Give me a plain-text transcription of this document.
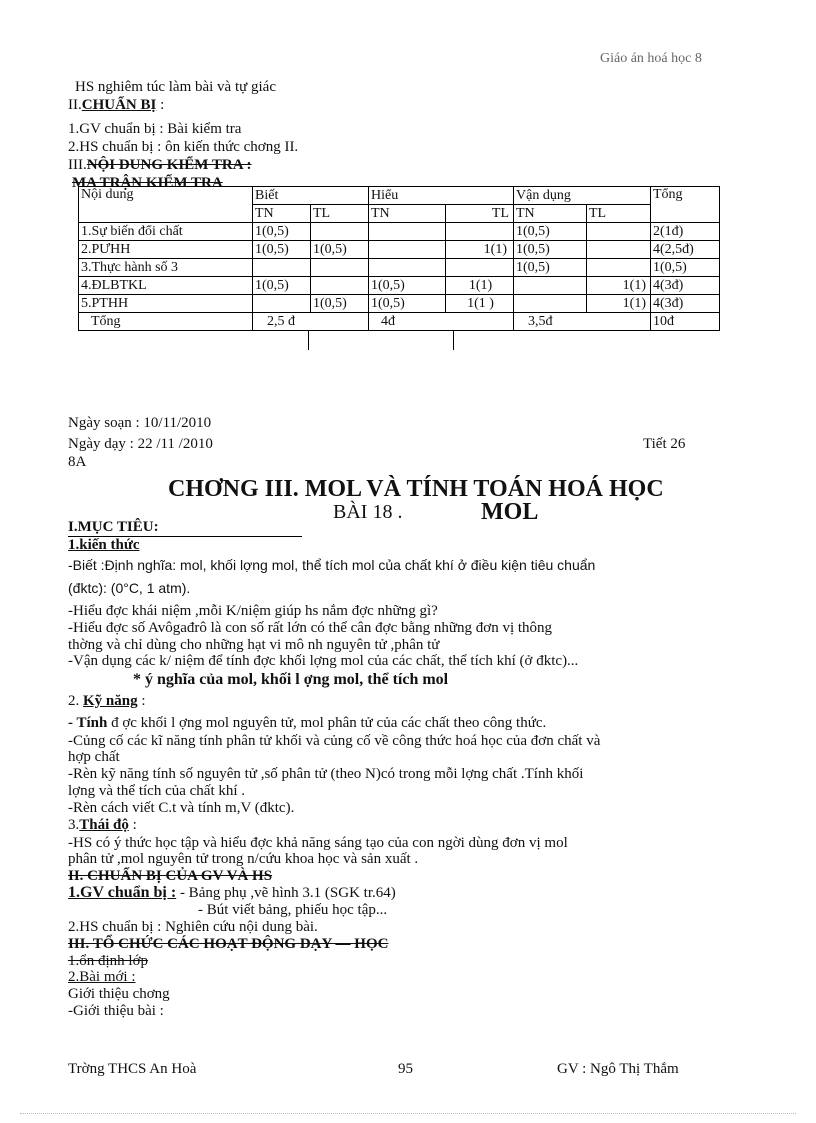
Giáo án hoá học 8
HS nghiêm túc làm bài và tự giác
II.CHUẨN BỊ :
1.GV chuẩn bị : Bài kiểm tra
2.HS chuẩn bị : ôn kiến thức chơng II.
III.NỘI DUNG KIỂM TRA :
MA TRẬN KIỂM TRA
Nội dung	Biết		Hiểu		Vận dụng		Tổng
	TN	TL	TN	TL	TN	TL	
1.Sự biến đổi chất	1(0,5)				1(0,5)		2(1đ)
2.PƯHH	1(0,5)	1(0,5)		1(1)	1(0,5)		4(2,5đ)
3.Thực hành số 3					1(0,5)		1(0,5)
4.ĐLBTKL	1(0,5)		1(0,5)	1(1)		1(1)	4(3đ)
5.PTHH		1(0,5)	1(0,5)	1(1 )		1(1)	4(3đ)
Tổng	2,5 đ		4đ		3,5đ		10đ
Ngày soạn : 10/11/2010
Ngày dạy : 22 /11 /2010	Tiết 26
8A
CHƠNG III. MOL VÀ TÍNH TOÁN HOÁ HỌC
BÀI 18 .	MOL
I.MỤC TIÊU:
1.kiến thức
-Biết :Định nghĩa: mol, khối lợng mol, thể tích mol của chất khí ở điều kiện tiêu chuẩn
(đktc): (0°C, 1 atm).
-Hiểu đợc khái niệm ,mỗi K/niệm giúp hs nắm đợc những gì?
-Hiểu đợc số Avôgađrô là con số rất lớn có thể cân đợc bằng những đơn vị thông
thờng và chỉ dùng cho những hạt vi mô nh nguyên tử ,phân tử
-Vận dụng các k/ niệm để tính đợc khối lợng mol của các chất, thể tích khí (ở đktc)...
* ý nghĩa của mol, khối l ợng mol, thể tích mol
2. Kỹ năng :
- Tính đ ợc khối l ợng mol nguyên tử, mol phân tử của các chất theo công thức.
-Củng cố các kĩ năng tính phân tử khối và củng cố về công thức hoá học của đơn chất và
hợp chất
-Rèn kỹ năng tính số nguyên tử ,số phân tử (theo N)có trong mỗi lợng chất .Tính khối
lợng và thể tích của chất khí .
-Rèn cách viết C.t và tính m,V (đktc).
3.Thái độ :
-HS có ý thức học tập và hiểu đợc khả năng sáng tạo của con ngời dùng đơn vị mol
phân tử ,mol nguyên tử trong n/cứu khoa học và sản xuất .
II. CHUẨN BỊ CỦA GV VÀ HS
1.GV chuẩn bị : - Bảng phụ ,vẽ hình 3.1 (SGK tr.64)
- Bút viết bảng, phiếu học tập...
2.HS chuẩn bị : Nghiên cứu nội dung bài.
III. TỔ CHỨC CÁC HOẠT ĐỘNG DẠY — HỌC
1.ổn định lớp
2.Bài mới :
Giới thiệu chơng
-Giới thiệu bài :
Trờng THCS An Hoà	95	GV : Ngô Thị Thắm
